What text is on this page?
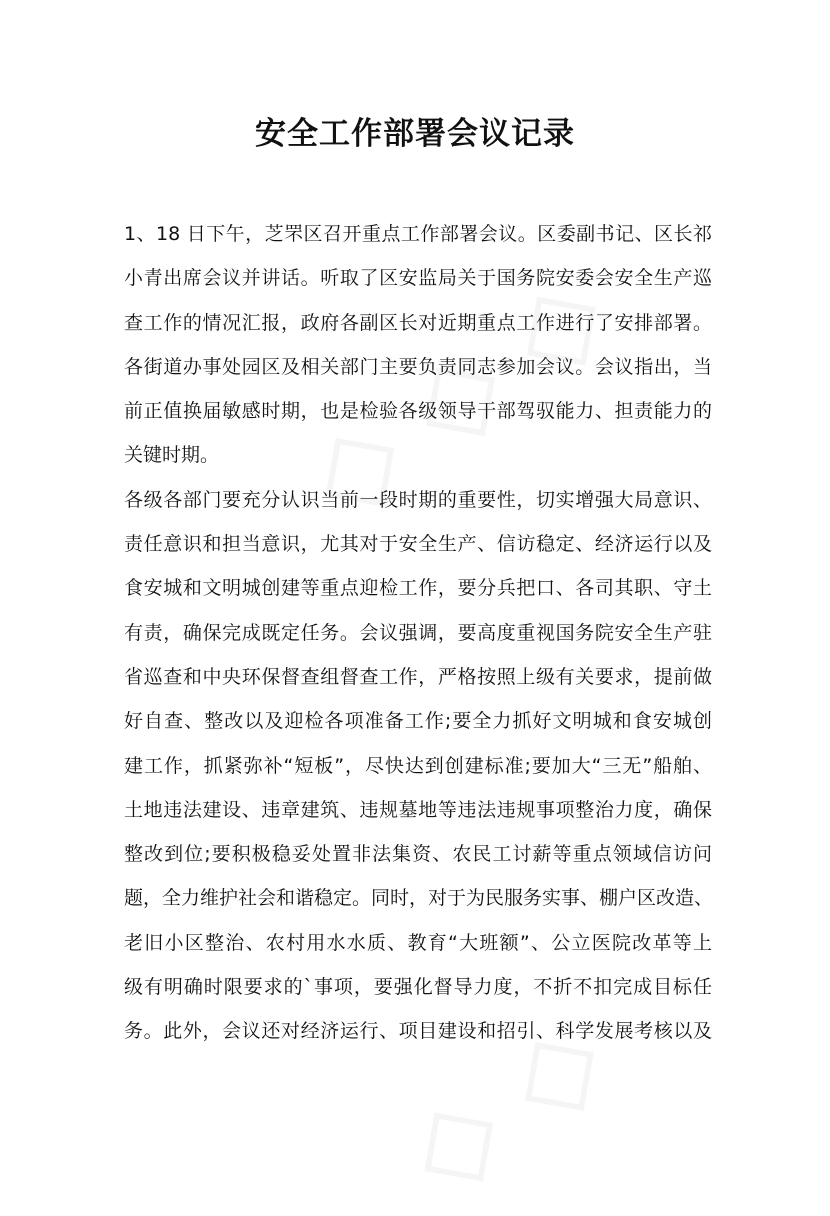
安全工作部署会议记录
1、18 日下午，芝罘区召开重点工作部署会议。区委副书记、区长祁
小青出席会议并讲话。听取了区安监局关于国务院安委会安全生产巡
查工作的情况汇报，政府各副区长对近期重点工作进行了安排部署。
各街道办事处园区及相关部门主要负责同志参加会议。会议指出，当
前正值换届敏感时期，也是检验各级领导干部驾驭能力、担责能力的
关键时期。
各级各部门要充分认识当前一段时期的重要性，切实增强大局意识、
责任意识和担当意识，尤其对于安全生产、信访稳定、经济运行以及
食安城和文明城创建等重点迎检工作，要分兵把口、各司其职、守土
有责，确保完成既定任务。会议强调，要高度重视国务院安全生产驻
省巡查和中央环保督查组督查工作，严格按照上级有关要求，提前做
好自查、整改以及迎检各项准备工作;要全力抓好文明城和食安城创
建工作，抓紧弥补“短板”，尽快达到创建标准;要加大“三无”船舶、
土地违法建设、违章建筑、违规墓地等违法违规事项整治力度，确保
整改到位;要积极稳妥处置非法集资、农民工讨薪等重点领域信访问
题，全力维护社会和谐稳定。同时，对于为民服务实事、棚户区改造、
老旧小区整治、农村用水水质、教育“大班额”、公立医院改革等上
级有明确时限要求的`事项，要强化督导力度，不折不扣完成目标任
务。此外，会议还对经济运行、项目建设和招引、科学发展考核以及
